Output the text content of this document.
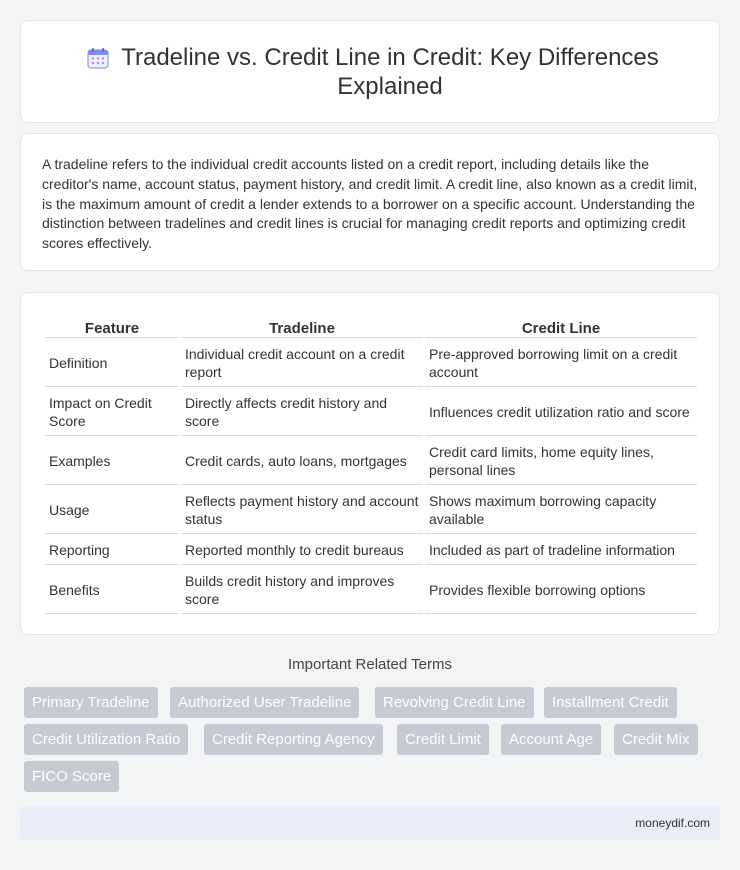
Tradeline vs. Credit Line in Credit: Key Differences Explained

A tradeline refers to the individual credit accounts listed on a credit report, including details like the creditor's name, account status, payment history, and credit limit. A credit line, also known as a credit limit, is the maximum amount of credit a lender extends to a borrower on a specific account. Understanding the distinction between tradelines and credit lines is crucial for managing credit reports and optimizing credit scores effectively.

Feature	Tradeline	Credit Line
Definition	Individual credit account on a credit report	Pre-approved borrowing limit on a credit account
Impact on Credit Score	Directly affects credit history and score	Influences credit utilization ratio and score
Examples	Credit cards, auto loans, mortgages	Credit card limits, home equity lines, personal lines
Usage	Reflects payment history and account status	Shows maximum borrowing capacity available
Reporting	Reported monthly to credit bureaus	Included as part of tradeline information
Benefits	Builds credit history and improves score	Provides flexible borrowing options
Important Related Terms
Primary Tradeline	Authorized User Tradeline	Revolving Credit Line	Installment Credit
Credit Utilization Ratio	Credit Reporting Agency	Credit Limit	Account Age	Credit Mix
FICO Score
moneydif.com
